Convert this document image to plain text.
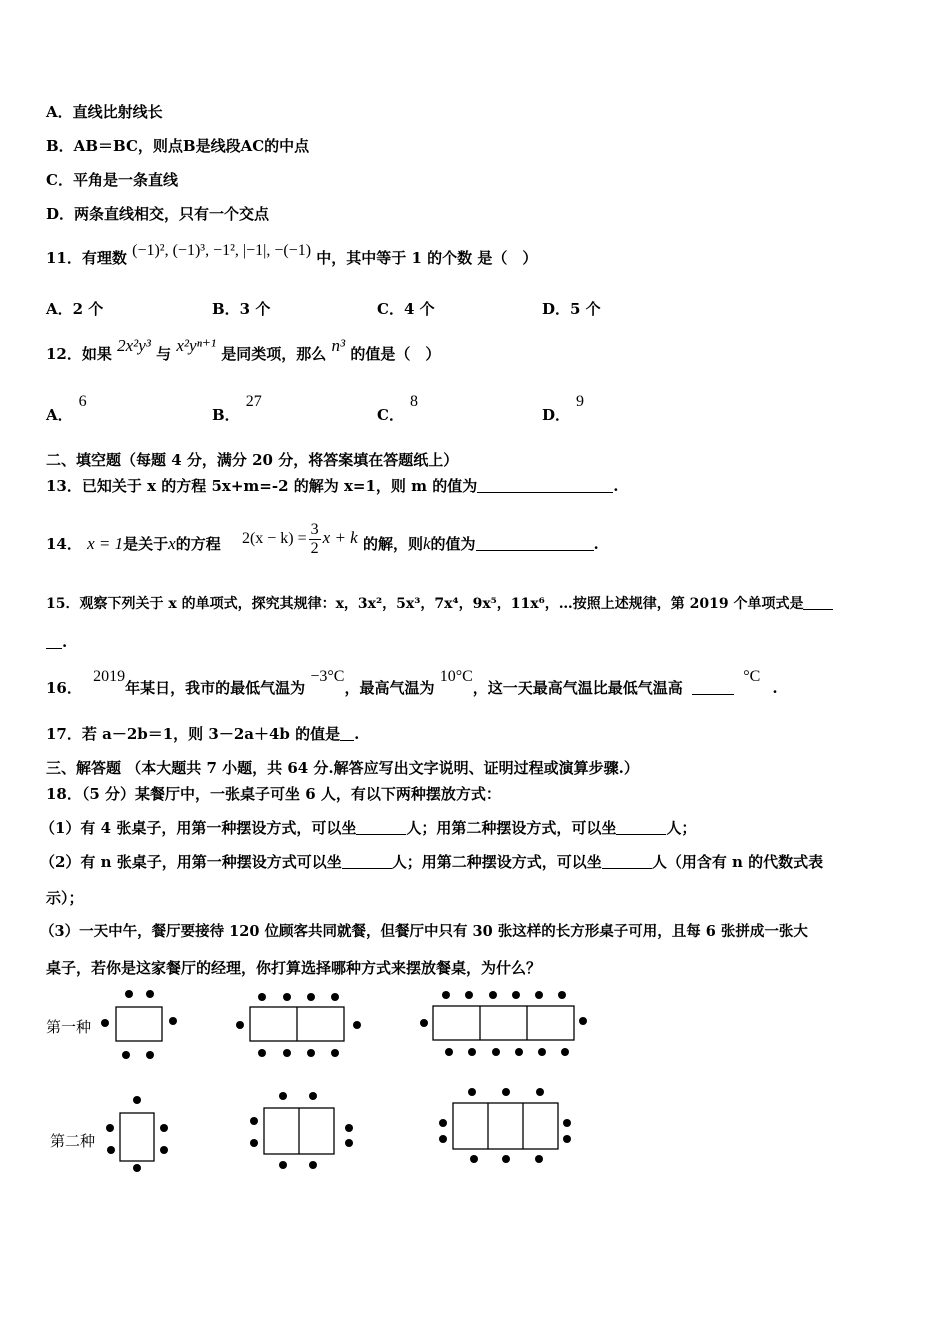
A．直线比射线长
B．AB＝BC，则点B是线段AC的中点
C．平角是一条直线
D．两条直线相交，只有一个交点
11．有理数 (−1)², (−1)³, −1², |−1|, −(−1) 中，其中等于 1 的个数 是（　）
A．2 个	B．3 个	C．4 个	D．5 个
12．如果 2x²y³ 与 x²yⁿ⁺¹ 是同类项，那么 n³ 的值是（　）
A．6
B．27
C．8
D．9
二、填空题（每题 4 分，满分 20 分，将答案填在答题纸上）
13．已知关于 x 的方程 5x+m=-2 的解为 x=1，则 m 的值为	.
14． x = 1是关于x的方程 $2(x - k) = \frac{3}{2}$ x + k 的解，则k的值为	.
15．观察下列关于 x 的单项式，探究其规律：x，3x²，5x³，7x⁴，9x⁵，11x⁶，…按照上述规律，第 2019 个单项式是
.
16． 2019年某日，我市的最低气温为 −3°C，最高气温为 10°C，这一天最高气温比最低气温高  °C.
17．若 a－2b＝1，则 3－2a＋4b 的值是 .
三、解答题 （本大题共 7 小题，共 64 分.解答应写出文字说明、证明过程或演算步骤.）
18．（5 分）某餐厅中，一张桌子可坐 6 人，有以下两种摆放方式：
（1）有 4 张桌子，用第一种摆设方式，可以坐	人；用第二种摆设方式，可以坐	人；
（2）有 n 张桌子，用第一种摆设方式可以坐	人；用第二种摆设方式，可以坐	人（用含有 n 的代数式表
示）；
（3）一天中午，餐厅要接待 120 位顾客共同就餐，但餐厅中只有 30 张这样的长方形桌子可用，且每 6 张拼成一张大
桌子，若你是这家餐厅的经理，你打算选择哪种方式来摆放餐桌，为什么？
第一种
第二种
